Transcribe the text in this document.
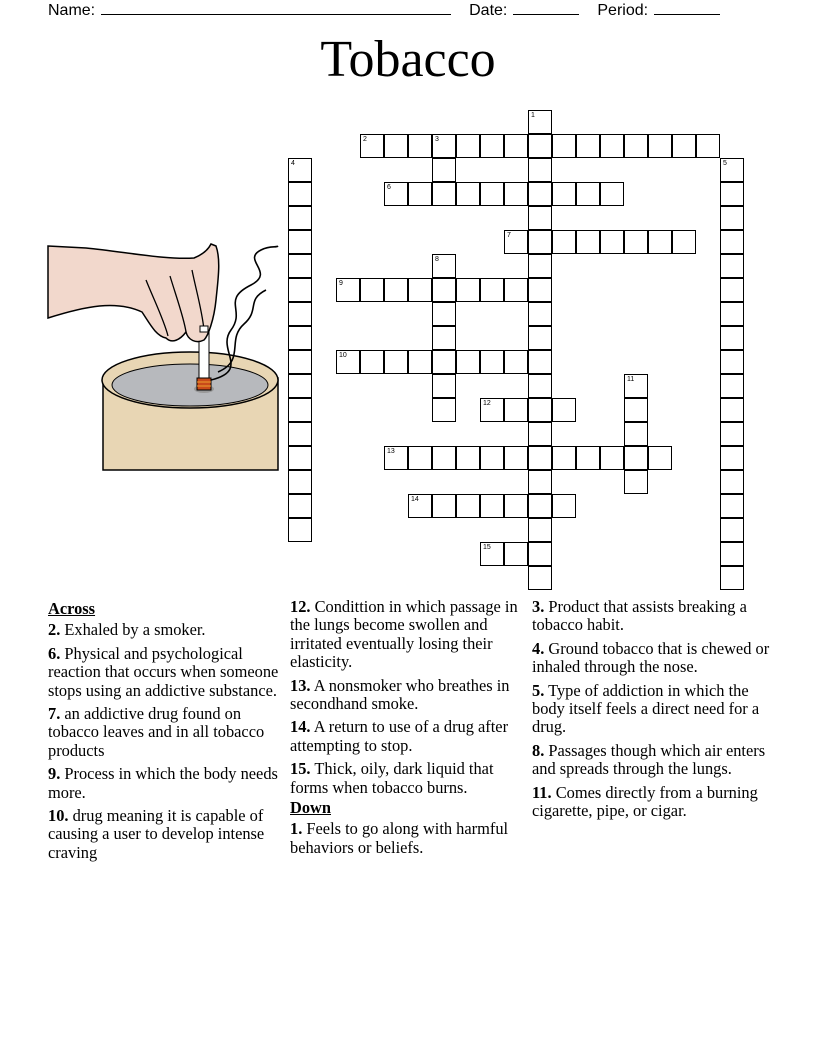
Name:	Date:	Period:
Tobacco
2	3
6
7
9
10
12
13
14
15
1
4	5
8
11
Across
2. Exhaled by a smoker.
6. Physical and psychological reaction that occurs when someone stops using an addictive substance.
7. an addictive drug found on tobacco leaves and in all tobacco products
9. Process in which the body needs more.
10. drug meaning it is capable of causing a user to develop intense craving
12. Condittion in which passage in the lungs become swollen and irritated eventually losing their elasticity.
13. A nonsmoker who breathes in secondhand smoke.
14. A return to use of a drug after attempting to stop.
15. Thick, oily, dark liquid that forms when tobacco burns.
Down
1. Feels to go along with harmful behaviors or beliefs.
3. Product that assists breaking a tobacco habit.
4. Ground tobacco that is chewed or inhaled through the nose.
5. Type of addiction in which the body itself feels a direct need for a drug.
8. Passages though which air enters and spreads through the lungs.
11. Comes directly from a burning cigarette, pipe, or cigar.
